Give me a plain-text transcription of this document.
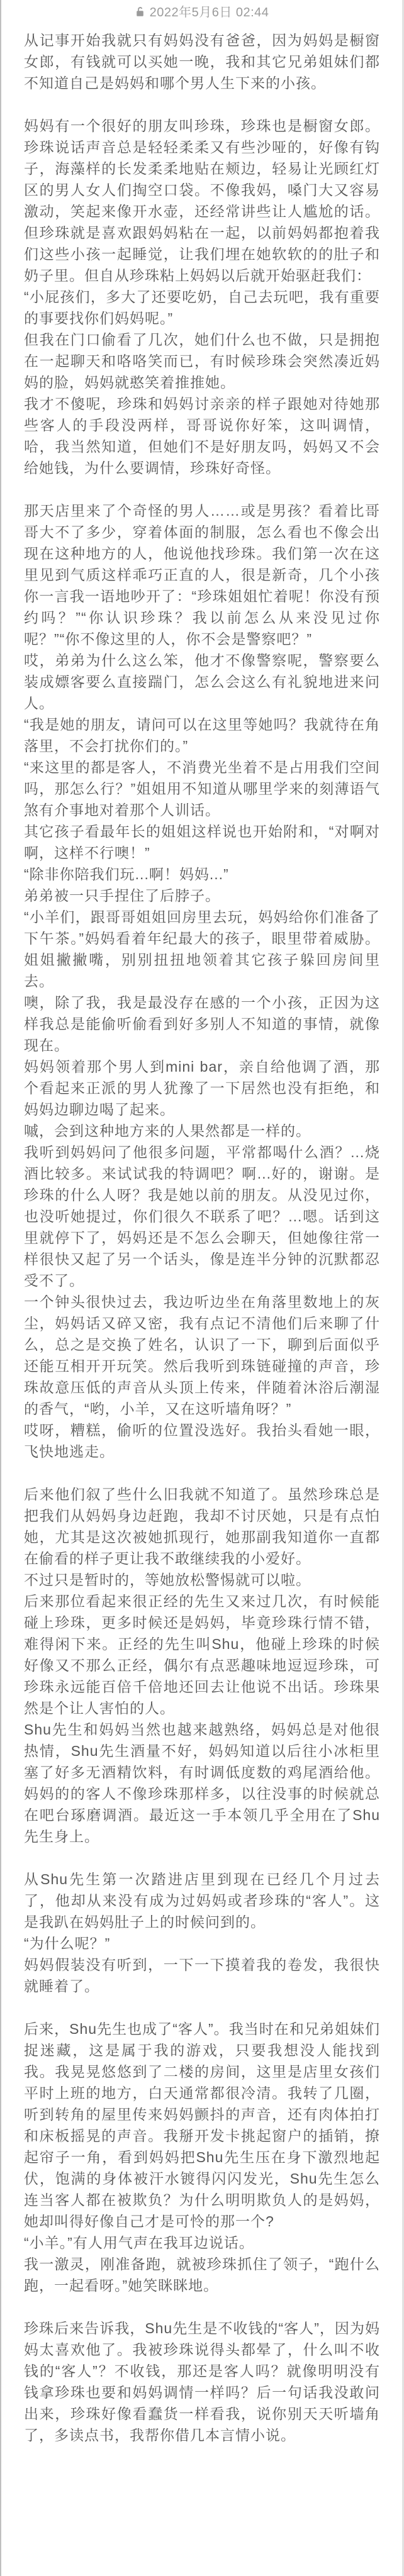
2022年5月6日 02:44

从记事开始我就只有妈妈没有爸爸，因为妈妈是橱窗女郎，有钱就可以买她一晚，我和其它兄弟姐妹们都不知道自己是妈妈和哪个男人生下来的小孩。

妈妈有一个很好的朋友叫珍珠，珍珠也是橱窗女郎。珍珠说话声音总是轻轻柔柔又有些沙哑的，好像有钩子，海藻样的长发柔柔地贴在颊边，轻易让光顾红灯区的男人女人们掏空口袋。不像我妈，嗓门大又容易激动，笑起来像开水壶，还经常讲些让人尴尬的话。但珍珠就是喜欢跟妈妈粘在一起，以前妈妈都抱着我们这些小孩一起睡觉，让我们埋在她软软的的肚子和奶子里。但自从珍珠粘上妈妈以后就开始驱赶我们：

“小屁孩们，多大了还要吃奶，自己去玩吧，我有重要的事要找你们妈妈呢。”

但我在门口偷看了几次，她们什么也不做，只是拥抱在一起聊天和咯咯笑而已，有时候珍珠会突然凑近妈妈的脸，妈妈就憨笑着推推她。

我才不傻呢，珍珠和妈妈讨亲亲的样子跟她对待她那些客人的手段没两样，哥哥说你好笨，这叫调情，哈，我当然知道，但她们不是好朋友吗，妈妈又不会给她钱，为什么要调情，珍珠好奇怪。

那天店里来了个奇怪的男人……或是男孩？看着比哥哥大不了多少，穿着体面的制服，怎么看也不像会出现在这种地方的人，他说他找珍珠。我们第一次在这里见到气质这样乖巧正直的人，很是新奇，几个小孩你一言我一语地吵开了：“珍珠姐姐忙着呢！你没有预约吗？”“你认识珍珠？我以前怎么从来没见过你呢？”“你不像这里的人，你不会是警察吧？”

哎，弟弟为什么这么笨，他才不像警察呢，警察要么装成嫖客要么直接踹门，怎么会这么有礼貌地进来问人。

“我是她的朋友，请问可以在这里等她吗？我就待在角落里，不会打扰你们的。”

“来这里的都是客人，不消费光坐着不是占用我们空间吗，那怎么行？”姐姐用不知道从哪里学来的刻薄语气煞有介事地对着那个人训话。

其它孩子看最年长的姐姐这样说也开始附和，“对啊对啊，这样不行噢！”

“除非你陪我们玩...啊！妈妈...”

弟弟被一只手捏住了后脖子。

“小羊们，跟哥哥姐姐回房里去玩，妈妈给你们准备了下午茶。”妈妈看着年纪最大的孩子，眼里带着威胁。姐姐撇撇嘴，别别扭扭地领着其它孩子躲回房间里去。

噢，除了我，我是最没存在感的一个小孩，正因为这样我总是能偷听偷看到好多别人不知道的事情，就像现在。

妈妈领着那个男人到mini bar，亲自给他调了酒，那个看起来正派的男人犹豫了一下居然也没有拒绝，和妈妈边聊边喝了起来。

嘁，会到这种地方来的人果然都是一样的。

我听到妈妈问了他很多问题，平常都喝什么酒？...烧酒比较多。来试试我的特调吧？啊...好的，谢谢。是珍珠的什么人呀？我是她以前的朋友。从没见过你，也没听她提过，你们很久不联系了吧？...嗯。话到这里就停下了，妈妈还是不怎么会聊天，但她像往常一样很快又起了另一个话头，像是连半分钟的沉默都忍受不了。

一个钟头很快过去，我边听边坐在角落里数地上的灰尘，妈妈话又碎又密，我有点记不清他们后来聊了什么，总之是交换了姓名，认识了一下，聊到后面似乎还能互相开开玩笑。然后我听到珠链碰撞的声音，珍珠故意压低的声音从头顶上传来，伴随着沐浴后潮湿的香气，“哟，小羊，又在这听墙角呀？”

哎呀，糟糕，偷听的位置没选好。我抬头看她一眼，飞快地逃走。

后来他们叙了些什么旧我就不知道了。虽然珍珠总是把我们从妈妈身边赶跑，我却不讨厌她，只是有点怕她，尤其是这次被她抓现行，她那副我知道你一直都在偷看的样子更让我不敢继续我的小爱好。

不过只是暂时的，等她放松警惕就可以啦。

后来那位看起来很正经的先生又来过几次，有时候能碰上珍珠，更多时候还是妈妈，毕竟珍珠行情不错，难得闲下来。正经的先生叫Shu，他碰上珍珠的时候好像又不那么正经，偶尔有点恶趣味地逗逗珍珠，可珍珠永远能百倍千倍地还回去让他说不出话。珍珠果然是个让人害怕的人。

Shu先生和妈妈当然也越来越熟络，妈妈总是对他很热情，Shu先生酒量不好，妈妈知道以后往小冰柜里塞了好多无酒精饮料，有时调低度数的鸡尾酒给他。妈妈的的客人不像珍珠那样多，以往没事的时候就总在吧台琢磨调酒。最近这一手本领几乎全用在了Shu先生身上。

从Shu先生第一次踏进店里到现在已经几个月过去了，他却从来没有成为过妈妈或者珍珠的“客人”。这是我趴在妈妈肚子上的时候问到的。

“为什么呢？”

妈妈假装没有听到，一下一下摸着我的卷发，我很快就睡着了。

后来，Shu先生也成了“客人”。我当时在和兄弟姐妹们捉迷藏，这是属于我的游戏，只要我想没人能找到我。我晃晃悠悠到了二楼的房间，这里是店里女孩们平时上班的地方，白天通常都很冷清。我转了几圈，听到转角的屋里传来妈妈颤抖的声音，还有肉体拍打和床板摇晃的声音。我掰开发卡挑起窗户的插销，撩起帘子一角，看到妈妈把Shu先生压在身下激烈地起伏，饱满的身体被汗水镀得闪闪发光，Shu先生怎么连当客人都在被欺负？为什么明明欺负人的是妈妈，她却叫得好像自己才是可怜的那一个?

“小羊。”有人用气声在我耳边说话。

我一激灵，刚准备跑，就被珍珠抓住了领子，“跑什么跑，一起看呀。”她笑眯眯地。

珍珠后来告诉我，Shu先生是不收钱的“客人”，因为妈妈太喜欢他了。我被珍珠说得头都晕了，什么叫不收钱的“客人”？不收钱，那还是客人吗？就像明明没有钱拿珍珠也要和妈妈调情一样吗？后一句话我没敢问出来，珍珠好像看蠢货一样看我，说你别天天听墙角了，多读点书，我帮你借几本言情小说。
